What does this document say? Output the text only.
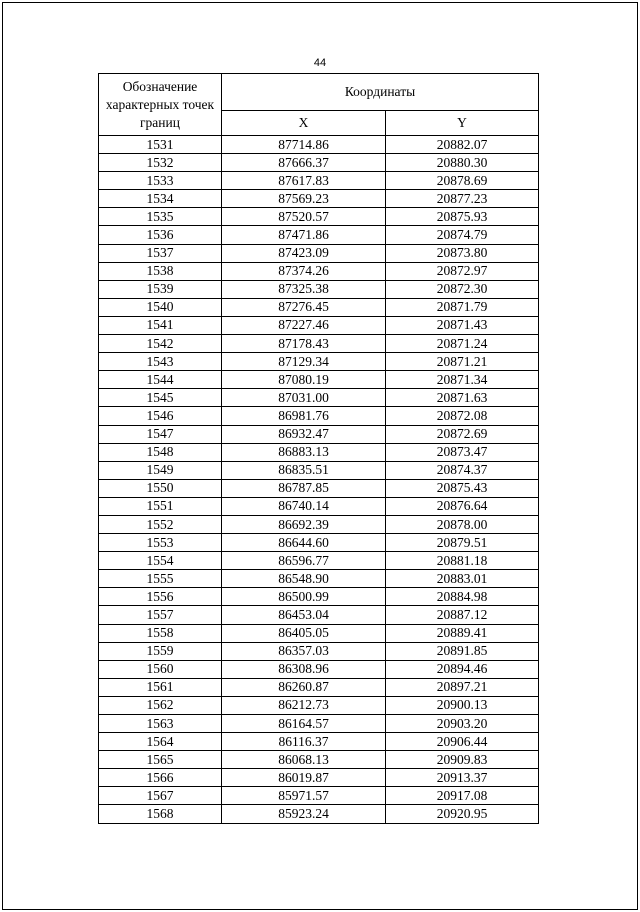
44
Обозначение характерных точек границ	Координаты	
	X	Y
1531	87714.86	20882.07
1532	87666.37	20880.30
1533	87617.83	20878.69
1534	87569.23	20877.23
1535	87520.57	20875.93
1536	87471.86	20874.79
1537	87423.09	20873.80
1538	87374.26	20872.97
1539	87325.38	20872.30
1540	87276.45	20871.79
1541	87227.46	20871.43
1542	87178.43	20871.24
1543	87129.34	20871.21
1544	87080.19	20871.34
1545	87031.00	20871.63
1546	86981.76	20872.08
1547	86932.47	20872.69
1548	86883.13	20873.47
1549	86835.51	20874.37
1550	86787.85	20875.43
1551	86740.14	20876.64
1552	86692.39	20878.00
1553	86644.60	20879.51
1554	86596.77	20881.18
1555	86548.90	20883.01
1556	86500.99	20884.98
1557	86453.04	20887.12
1558	86405.05	20889.41
1559	86357.03	20891.85
1560	86308.96	20894.46
1561	86260.87	20897.21
1562	86212.73	20900.13
1563	86164.57	20903.20
1564	86116.37	20906.44
1565	86068.13	20909.83
1566	86019.87	20913.37
1567	85971.57	20917.08
1568	85923.24	20920.95
